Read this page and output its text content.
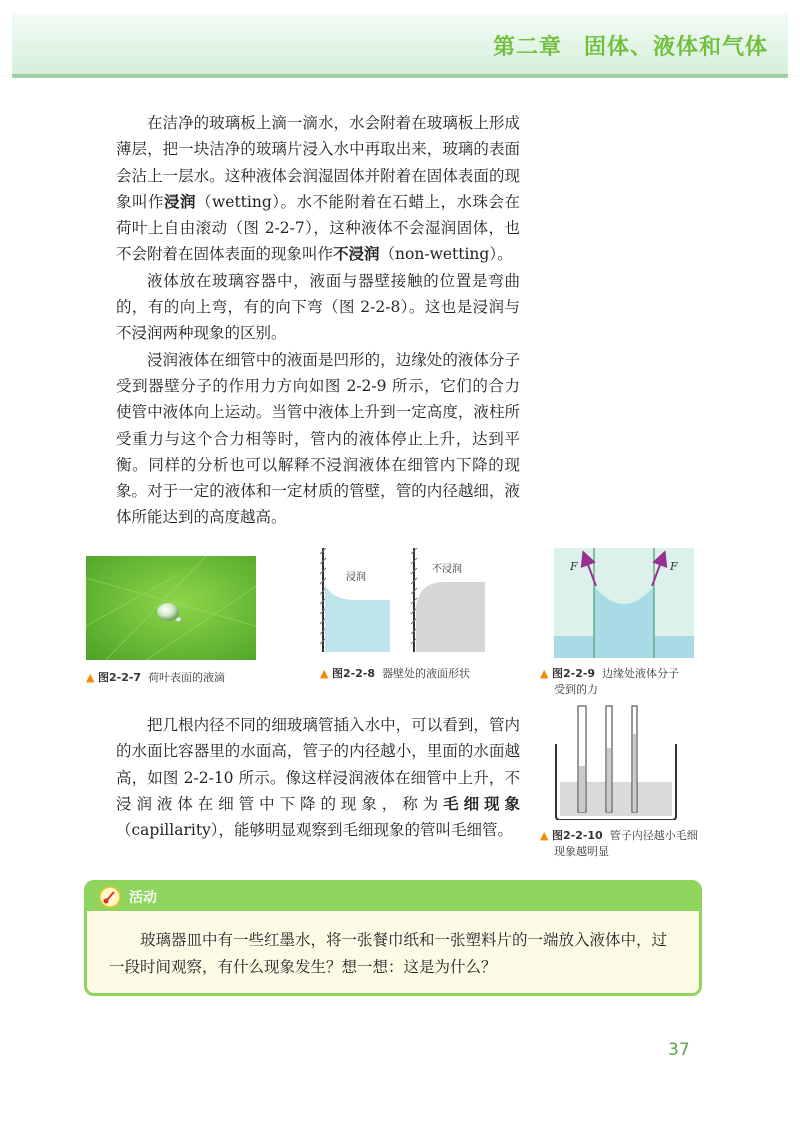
第二章 固体、液体和气体

在洁净的玻璃板上滴一滴水，水会附着在玻璃板上形成薄层，把一块洁净的玻璃片浸入水中再取出来，玻璃的表面会沾上一层水。这种液体会润湿固体并附着在固体表面的现象叫作浸润（wetting）。水不能附着在石蜡上，水珠会在荷叶上自由滚动（图 2-2-7），这种液体不会湿润固体，也不会附着在固体表面的现象叫作不浸润（non-wetting）。

液体放在玻璃容器中，液面与器壁接触的位置是弯曲的，有的向上弯，有的向下弯（图 2-2-8）。这也是浸润与不浸润两种现象的区别。

浸润液体在细管中的液面是凹形的，边缘处的液体分子受到器壁分子的作用力方向如图 2-2-9 所示，它们的合力使管中液体向上运动。当管中液体上升到一定高度，液柱所受重力与这个合力相等时，管内的液体停止上升，达到平衡。同样的分析也可以解释不浸润液体在细管内下降的现象。对于一定的液体和一定材质的管壁，管的内径越细，液体所能达到的高度越高。

▲ 图2-2-7 荷叶表面的液滴
浸润
不浸润
▲ 图2-2-8 器壁处的液面形状
F	F
▲ 图2-2-9 边缘处液体分子
受到的力

把几根内径不同的细玻璃管插入水中，可以看到，管内的水面比容器里的水面高，管子的内径越小，里面的水面越高，如图 2-2-10 所示。像这样浸润液体在细管中上升，不浸润液体在细管中下降的现象，称为毛细现象（capillarity），能够明显观察到毛细现象的管叫毛细管。	▲ 图2-2-10 管子内径越小毛细
现象越明显
活动
玻璃器皿中有一些红墨水，将一张餐巾纸和一张塑料片的一端放入液体中，过一段时间观察，有什么现象发生？想一想：这是为什么？
37
